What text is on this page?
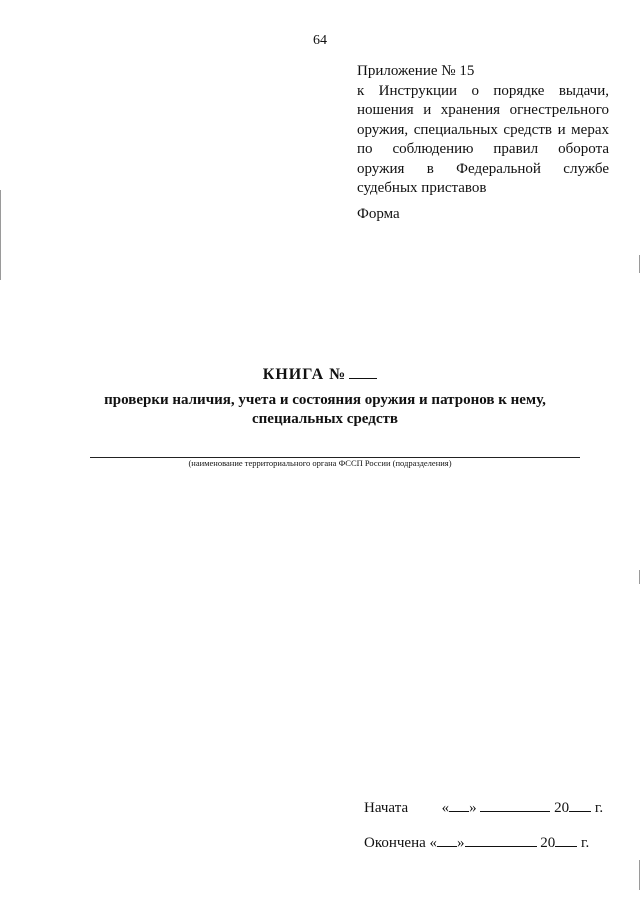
64
Приложение № 15
к Инструкции о порядке выдачи, ношения и хранения огнестрельного оружия, специальных средств и мерах по соблюдению правил оборота оружия в Федеральной службе судебных приставов
Форма
КНИГА №
проверки наличия, учета и состояния оружия и патронов к нему, специальных средств
(наименование территориального органа ФССП России (подразделения)
Начата « »	20 г.
Окончена « »	20 г.
